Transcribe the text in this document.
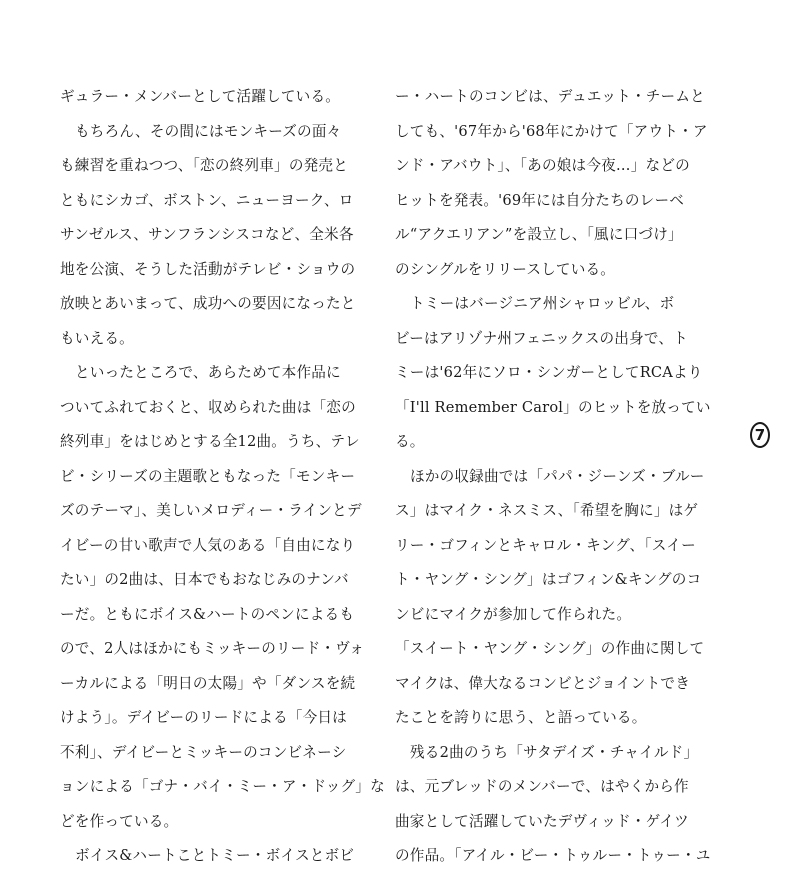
ギュラー・メンバーとして活躍している。
もちろん、その間にはモンキーズの面々
も練習を重ねつつ、「恋の終列車」の発売と
ともにシカゴ、ボストン、ニューヨーク、ロ
サンゼルス、サンフランシスコなど、全米各
地を公演、そうした活動がテレビ・ショウの
放映とあいまって、成功への要因になったと
もいえる。
といったところで、あらためて本作品に
ついてふれておくと、収められた曲は「恋の
終列車」をはじめとする全12曲。うち、テレ
ビ・シリーズの主題歌ともなった「モンキー
ズのテーマ」、美しいメロディー・ラインとデ
イビーの甘い歌声で人気のある「自由になり
たい」の2曲は、日本でもおなじみのナンバ
ーだ。ともにボイス&ハートのペンによるも
ので、2人はほかにもミッキーのリード・ヴォ
ーカルによる「明日の太陽」や「ダンスを続
けよう」。デイビーのリードによる「今日は
不利」、デイビーとミッキーのコンビネーシ
ョンによる「ゴナ・バイ・ミー・ア・ドッグ」な
どを作っている。
ボイス&ハートことトミー・ボイスとボビ
ー・ハートのコンビは、デュエット・チームと
しても、'67年から'68年にかけて「アウト・ア
ンド・アバウト」、「あの娘は今夜…」などの
ヒットを発表。'69年には自分たちのレーベ
ル“アクエリアン”を設立し、「風に口づけ」
のシングルをリリースしている。
トミーはバージニア州シャロッビル、ボ
ビーはアリゾナ州フェニックスの出身で、ト
ミーは'62年にソロ・シンガーとしてRCAより
「I'll Remember Carol」のヒットを放ってい
る。
ほかの収録曲では「パパ・ジーンズ・ブルー
ス」はマイク・ネスミス、「希望を胸に」はゲ
リー・ゴフィンとキャロル・キング、「スイー
ト・ヤング・シング」はゴフィン&キングのコ
ンビにマイクが参加して作られた。
「スイート・ヤング・シング」の作曲に関して
マイクは、偉大なるコンビとジョイントでき
たことを誇りに思う、と語っている。
残る2曲のうち「サタデイズ・チャイルド」
は、元ブレッドのメンバーで、はやくから作
曲家として活躍していたデヴィッド・ゲイツ
の作品。「アイル・ビー・トゥルー・トゥー・ユ
7
